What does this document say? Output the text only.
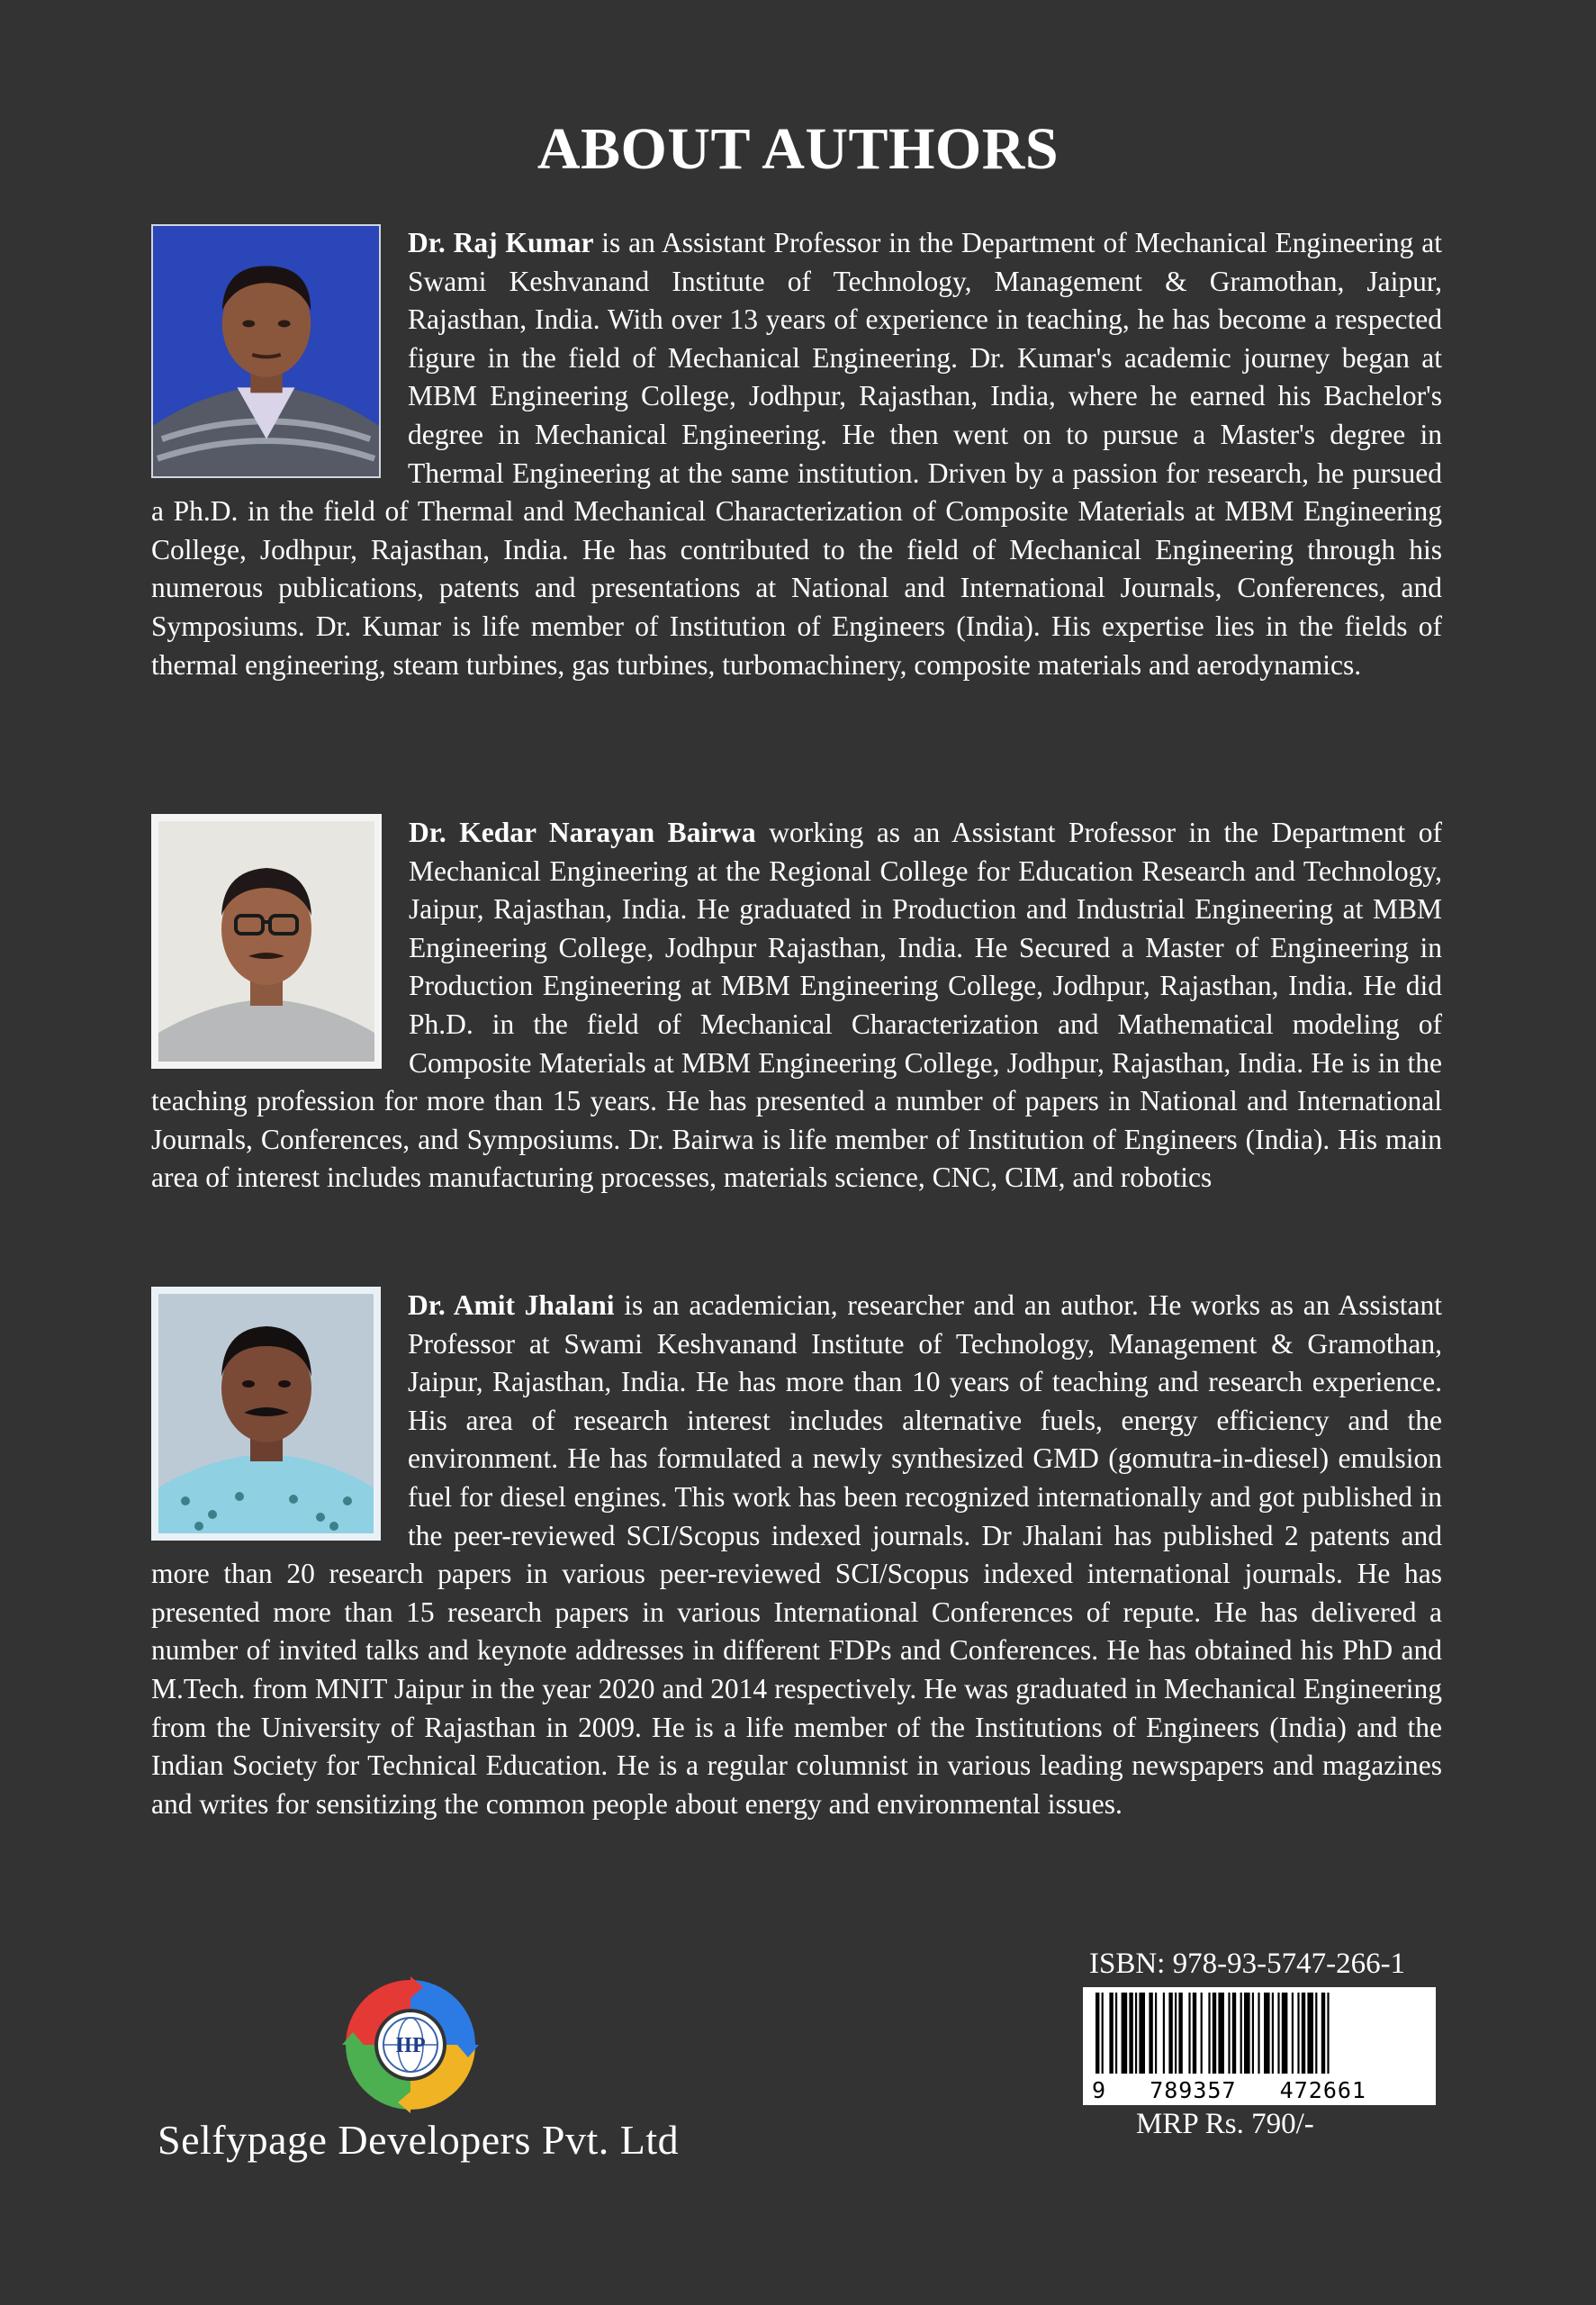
ABOUT AUTHORS

Dr. Raj Kumar is an Assistant Professor in the Department of Mechanical Engineering at Swami Keshvanand Institute of Technology, Management & Gramothan, Jaipur, Rajasthan, India. With over 13 years of experience in teaching, he has become a respected figure in the field of Mechanical Engineering. Dr. Kumar's academic journey began at MBM Engineering College, Jodhpur, Rajasthan, India, where he earned his Bachelor's degree in Mechanical Engineering. He then went on to pursue a Master's degree in Thermal Engineering at the same institution. Driven by a passion for research, he pursued a Ph.D. in the field of Thermal and Mechanical Characterization of Composite Materials at MBM Engineering College, Jodhpur, Rajasthan, India. He has contributed to the field of Mechanical Engineering through his numerous publications, patents and presentations at National and International Journals, Conferences, and Symposiums. Dr. Kumar is life member of Institution of Engineers (India). His expertise lies in the fields of thermal engineering, steam turbines, gas turbines, turbomachinery, composite materials and aerodynamics.

Dr. Kedar Narayan Bairwa working as an Assistant Professor in the Department of Mechanical Engineering at the Regional College for Education Research and Technology, Jaipur, Rajasthan, India. He graduated in Production and Industrial Engineering at MBM Engineering College, Jodhpur Rajasthan, India. He Secured a Master of Engineering in Production Engineering at MBM Engineering College, Jodhpur, Rajasthan, India. He did Ph.D. in the field of Mechanical Characterization and Mathematical modeling of Composite Materials at MBM Engineering College, Jodhpur, Rajasthan, India. He is in the teaching profession for more than 15 years. He has presented a number of papers in National and International Journals, Conferences, and Symposiums. Dr. Bairwa is life member of Institution of Engineers (India). His main area of interest includes manufacturing processes, materials science, CNC, CIM, and robotics

Dr. Amit Jhalani is an academician, researcher and an author. He works as an Assistant Professor at Swami Keshvanand Institute of Technology, Management & Gramothan, Jaipur, Rajasthan, India. He has more than 10 years of teaching and research experience. His area of research interest includes alternative fuels, energy efficiency and the environment. He has formulated a newly synthesized GMD (gomutra-in-diesel) emulsion fuel for diesel engines. This work has been recognized internationally and got published in the peer-reviewed SCI/Scopus indexed journals. Dr Jhalani has published 2 patents and more than 20 research papers in various peer-reviewed SCI/Scopus indexed international journals. He has presented more than 15 research papers in various International Conferences of repute. He has delivered a number of invited talks and keynote addresses in different FDPs and Conferences. He has obtained his PhD and M.Tech. from MNIT Jaipur in the year 2020 and 2014 respectively. He was graduated in Mechanical Engineering from the University of Rajasthan in 2009. He is a life member of the Institutions of Engineers (India) and the Indian Society for Technical Education. He is a regular columnist in various leading newspapers and magazines and writes for sensitizing the common people about energy and environmental issues.

IIP

Selfypage Developers Pvt. Ltd

ISBN: 978-93-5747-266-1

9   789357   472661

MRP Rs. 790/-
